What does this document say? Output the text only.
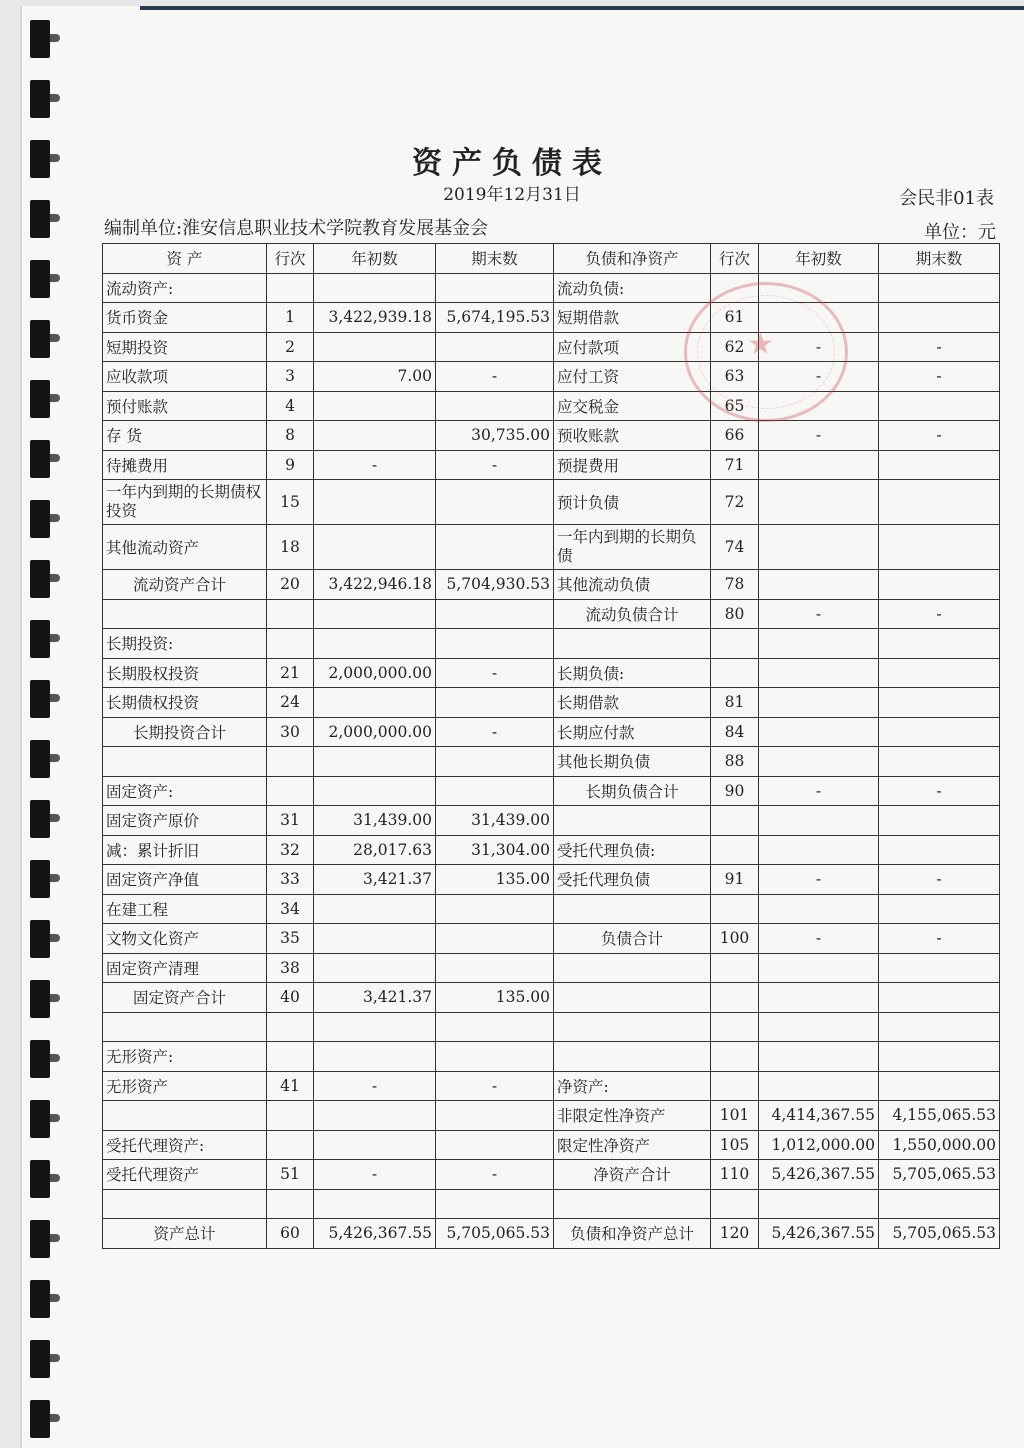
资产负债表
2019年12月31日	会民非01表
编制单位:淮安信息职业技术学院教育发展基金会	单位：元
资 产	行次	年初数	期末数	负债和净资产	行次	年初数	期末数
流动资产:				流动负债:			
货币资金	1	3,422,939.18	5,674,195.53	短期借款	61		
短期投资	2			应付款项	62	-	-
应收款项	3	7.00	-	应付工资	63	-	-
预付账款	4			应交税金	65		
存 货	8		30,735.00	预收账款	66	-	-
待摊费用	9	-	-	预提费用	71		
一年内到期的长期债权投资	15			预计负债	72		
其他流动资产	18			一年内到期的长期负债	74		
流动资产合计	20	3,422,946.18	5,704,930.53	其他流动负债	78		
				流动负债合计	80	-	-
长期投资:							
长期股权投资	21	2,000,000.00	-	长期负债:			
长期债权投资	24			长期借款	81		
长期投资合计	30	2,000,000.00	-	长期应付款	84		
				其他长期负债	88		
固定资产:				长期负债合计	90	-	-
固定资产原价	31	31,439.00	31,439.00				
减：累计折旧	32	28,017.63	31,304.00	受托代理负债:			
固定资产净值	33	3,421.37	135.00	受托代理负债	91	-	-
在建工程	34						
文物文化资产	35			负债合计	100	-	-
固定资产清理	38						
固定资产合计	40	3,421.37	135.00				

无形资产:							
无形资产	41	-	-	净资产:			
				非限定性净资产	101	4,414,367.55	4,155,065.53
受托代理资产:				限定性净资产	105	1,012,000.00	1,550,000.00
受托代理资产	51	-	-	净资产合计	110	5,426,367.55	5,705,065.53

资产总计	60	5,426,367.55	5,705,065.53	负债和净资产总计	120	5,426,367.55	5,705,065.53
★
